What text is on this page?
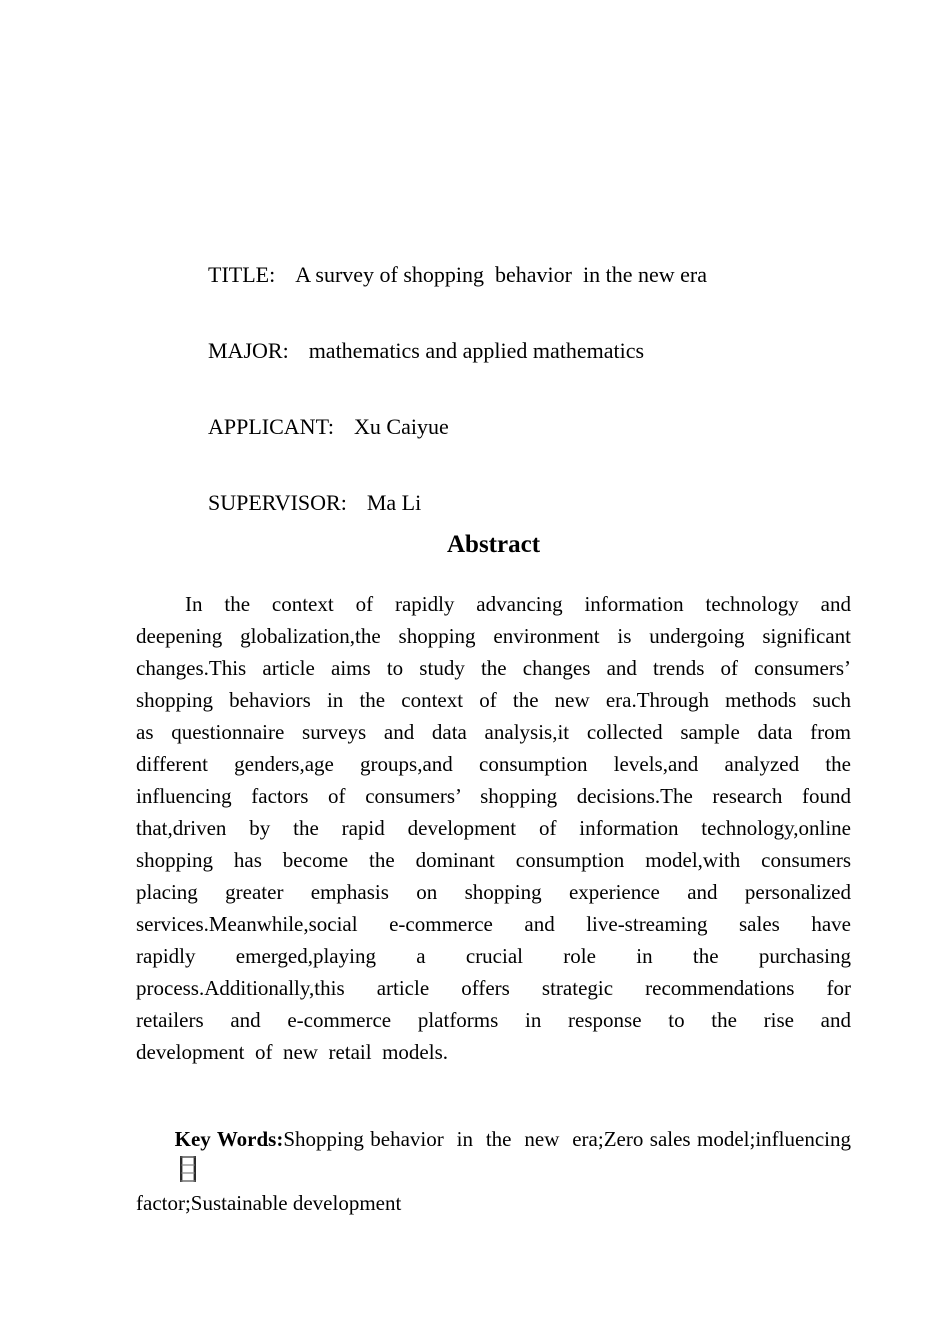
TITLE: A survey of shopping  behavior  in the new era

MAJOR: mathematics and applied mathematics

APPLICANT: Xu Caiyue

SUPERVISOR: Ma Li

Abstract
In the context of rapidly advancing information technology and
deepening globalization,the shopping environment is undergoing significant
changes.This article aims to study the changes and trends of consumers’
shopping behaviors in the context of the new era.Through methods such
as questionnaire surveys and data analysis,it collected sample data from
different genders,age groups,and consumption levels,and analyzed the
influencing factors of consumers’ shopping decisions.The research found
that,driven by the rapid development of information technology,online
shopping has become the dominant consumption model,with consumers
placing greater emphasis on shopping experience and personalized
services.Meanwhile,social e-commerce and live-streaming sales have
rapidly emerged,playing a crucial role in the purchasing
process.Additionally,this article offers strategic recommendations for
retailers and e-commerce platforms in response to the rise and
development  of  new  retail  models.

Key Words:Shopping behavior  in  the  new  era;Zero sales model;influencing

factor;Sustainable development
